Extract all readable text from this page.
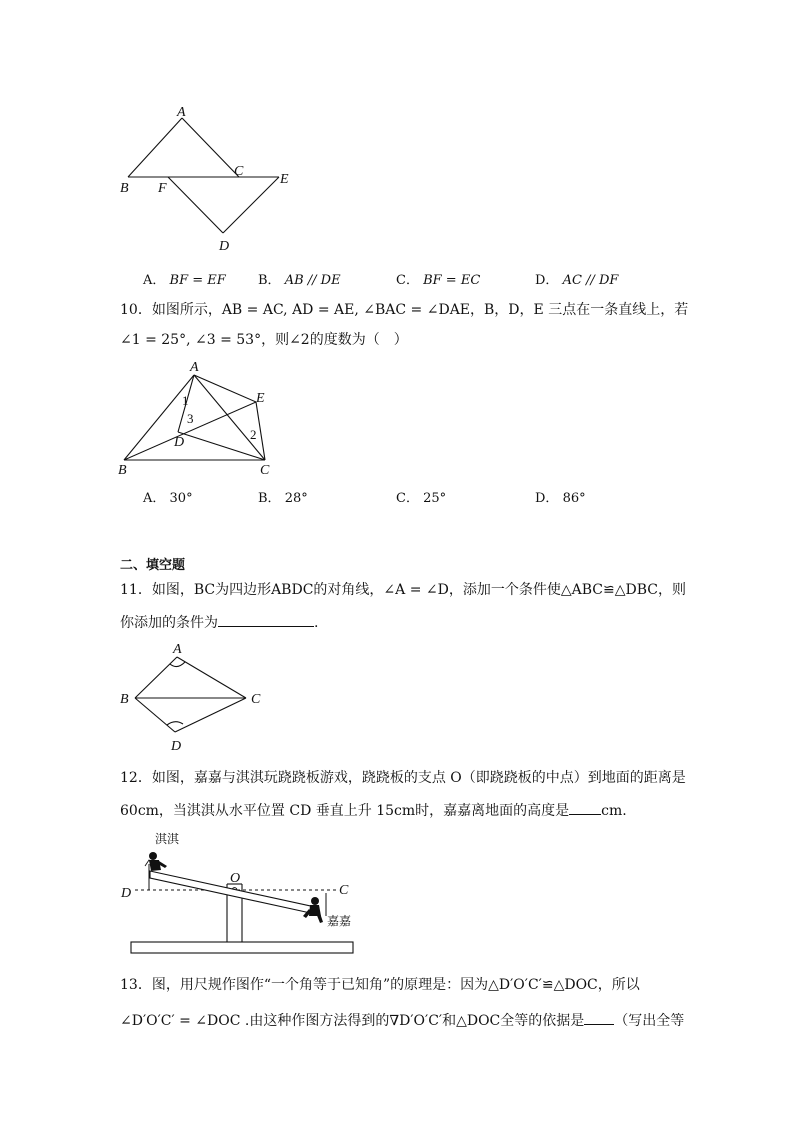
A
B
C
D
E
F
A． BF = EF B． AB // DE	C． BF = EC	D． AC // DF
10．如图所示，AB = AC, AD = AE, ∠BAC = ∠DAE，B，D，E 三点在一条直线上，若
∠1 = 25°, ∠3 = 53°，则∠2的度数为（　）
A
B	C
D
E
1
3
2
A． 30°	B． 28°	C． 25°	D． 86°
二、填空题
11．如图，BC为四边形ABDC的对角线，∠A = ∠D，添加一个条件使△ABC≌△DBC，则
你添加的条件为	.
A
B	C
D
12．如图，嘉嘉与淇淇玩跷跷板游戏，跷跷板的支点 O（即跷跷板的中点）到地面的距离是
60cm，当淇淇从水平位置 CD 垂直上升 15cm时，嘉嘉离地面的高度是 cm.
淇淇
嘉嘉
O
D	C
13．图，用尺规作图作“一个角等于已知角”的原理是：因为△D′O′C′≌△DOC，所以
∠D′O′C′ = ∠DOC .由这种作图方法得到的∇D′O′C′和△DOC全等的依据是 （写出全等
